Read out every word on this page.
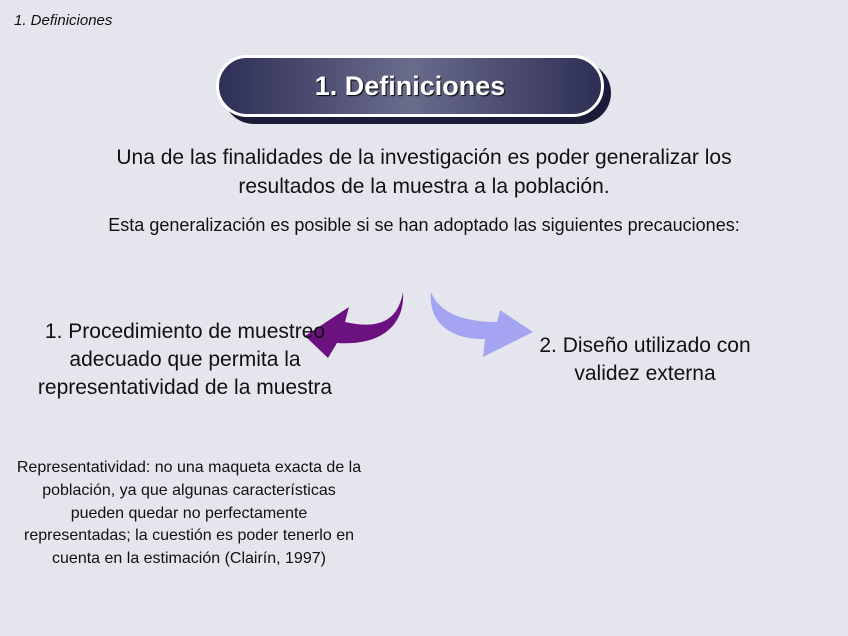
1. Definiciones
1. Definiciones
Una de las finalidades de la investigación es poder generalizar los resultados de la muestra a la población.
Esta generalización es posible si se han adoptado las siguientes precauciones:
1. Procedimiento de muestreo adecuado que permita la representatividad de la muestra
2. Diseño utilizado con validez externa
Representatividad: no una maqueta exacta de la población, ya que algunas características pueden quedar no perfectamente representadas; la cuestión es poder tenerlo en cuenta en la estimación (Clairín, 1997)
